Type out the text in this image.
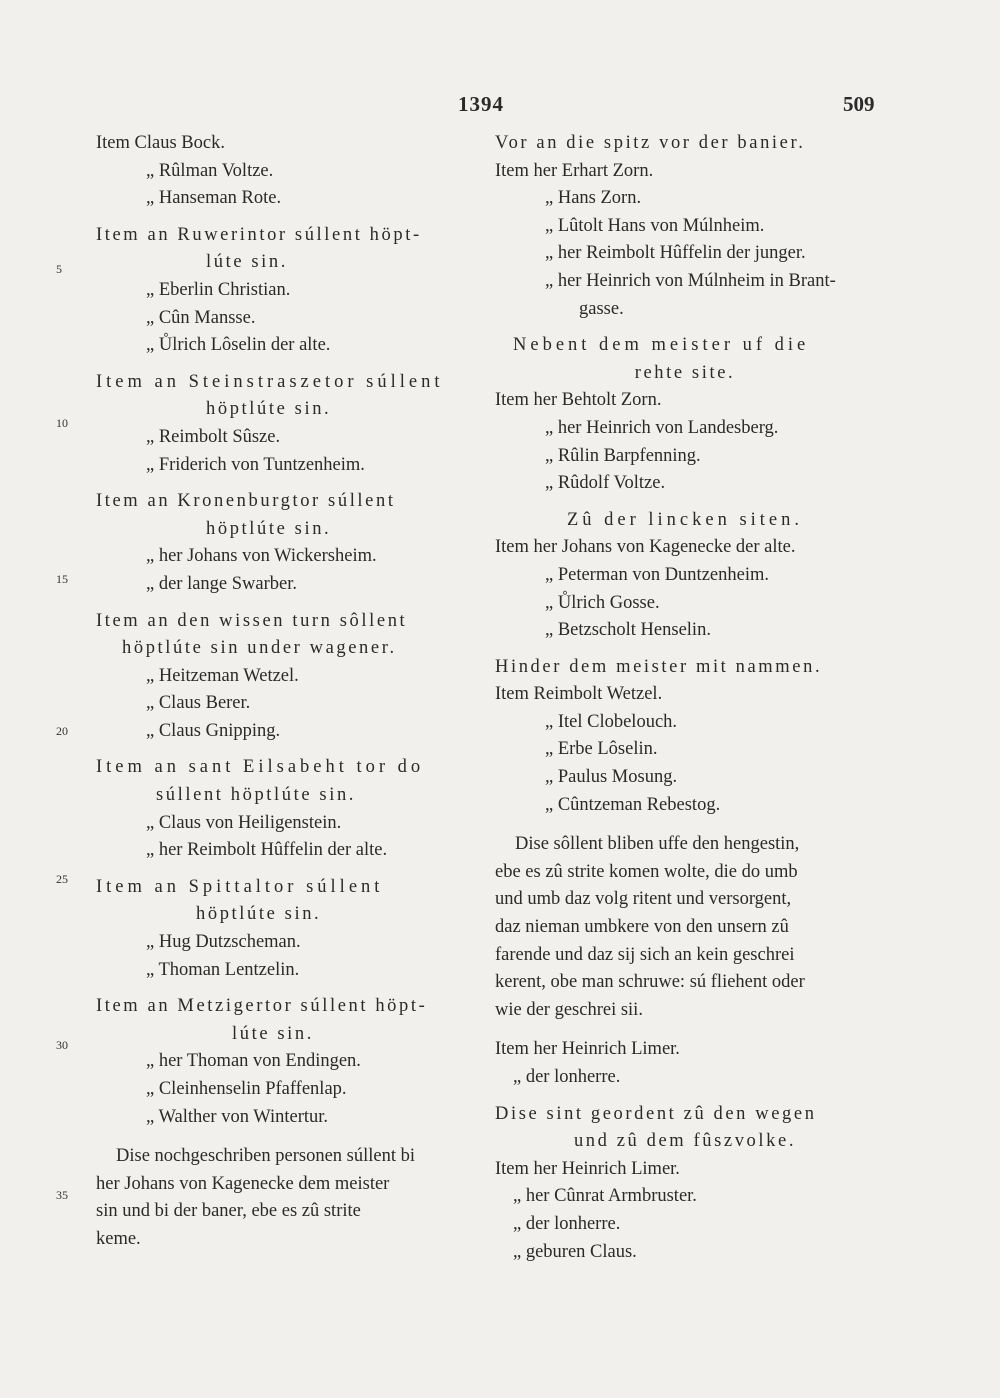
1394	509
5
10
15
20
25
30
35
Item Claus Bock.
„ Rûlman Voltze.
„ Hanseman Rote.
Item an Ruwerintor súllent höpt-
lúte sin.
„ Eberlin Christian.
„ Cûn Mansse.
„ Ůlrich Lôselin der alte.
Item an Steinstraszetor súllent
höptlúte sin.
„ Reimbolt Sûsze.
„ Friderich von Tuntzenheim.
Item an Kronenburgtor súllent
höptlúte sin.
„ her Johans von Wickersheim.
„ der lange Swarber.
Item an den wissen turn sôllent
höptlúte sin under wagener.
„ Heitzeman Wetzel.
„ Claus Berer.
„ Claus Gnipping.
Item an sant Eilsabeht tor do
súllent höptlúte sin.
„ Claus von Heiligenstein.
„ her Reimbolt Hûffelin der alte.
Item an Spittaltor súllent
höptlúte sin.
„ Hug Dutzscheman.
„ Thoman Lentzelin.
Item an Metzigertor súllent höpt-
lúte sin.
„ her Thoman von Endingen.
„ Cleinhenselin Pfaffenlap.
„ Walther von Wintertur.
Dise nochgeschriben personen súllent bi
her Johans von Kagenecke dem meister
sin und bi der baner, ebe es zû strite
keme.
Vor an die spitz vor der banier.
Item her Erhart Zorn.
„ Hans Zorn.
„ Lûtolt Hans von Múlnheim.
„ her Reimbolt Hûffelin der junger.
„ her Heinrich von Múlnheim in Brant-
gasse.
Nebent dem meister uf die
rehte site.
Item her Behtolt Zorn.
„ her Heinrich von Landesberg.
„ Rûlin Barpfenning.
„ Rûdolf Voltze.
Zû der lincken siten.
Item her Johans von Kagenecke der alte.
„ Peterman von Duntzenheim.
„ Ůlrich Gosse.
„ Betzscholt Henselin.
Hinder dem meister mit nammen.
Item Reimbolt Wetzel.
„ Itel Clobelouch.
„ Erbe Lôselin.
„ Paulus Mosung.
„ Cûntzeman Rebestog.
Dise sôllent bliben uffe den hengestin,
ebe es zû strite komen wolte, die do umb
und umb daz volg ritent und versorgent,
daz nieman umbkere von den unsern zû
farende und daz sij sich an kein geschrei
kerent, obe man schruwe: sú fliehent oder
wie der geschrei sii.
Item her Heinrich Limer.
„ der lonherre.
Dise sint geordent zû den wegen
und zû dem fûszvolke.
Item her Heinrich Limer.
„ her Cûnrat Armbruster.
„ der lonherre.
„ geburen Claus.
